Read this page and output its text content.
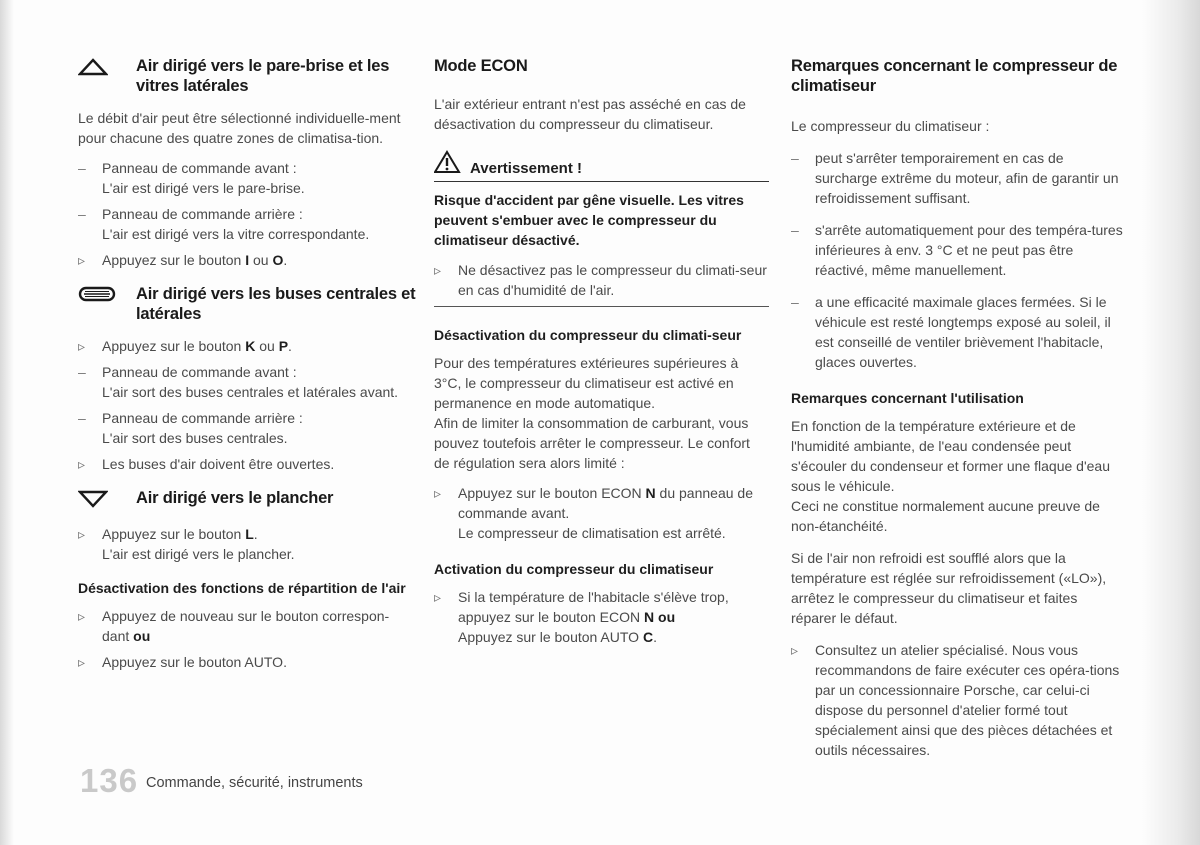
Air dirigé vers le pare-brise et les vitres latérales

Le débit d'air peut être sélectionné individuelle-ment pour chacune des quatre zones de climatisa-tion.

–	Panneau de commande avant :
L'air est dirigé vers le pare-brise.
–	Panneau de commande arrière :
L'air est dirigé vers la vitre correspondante.
▹	Appuyez sur le bouton I ou O.
Air dirigé vers les buses centrales et latérales
▹	Appuyez sur le bouton K ou P.
–	Panneau de commande avant :
L'air sort des buses centrales et latérales avant.
–	Panneau de commande arrière :
L'air sort des buses centrales.
▹	Les buses d'air doivent être ouvertes.
Air dirigé vers le plancher
▹	Appuyez sur le bouton L.
L'air est dirigé vers le plancher.
Désactivation des fonctions de répartition de l'air
▹	Appuyez de nouveau sur le bouton correspon-dant ou
▹	Appuyez sur le bouton AUTO.
Mode ECON

L'air extérieur entrant n'est pas asséché en cas de désactivation du compresseur du climatiseur.

Avertissement !
Risque d'accident par gêne visuelle. Les vitres peuvent s'embuer avec le compresseur du climatiseur désactivé.
▹	Ne désactivez pas le compresseur du climati-seur en cas d'humidité de l'air.
Désactivation du compresseur du climati-seur

Pour des températures extérieures supérieures à 3°C, le compresseur du climatiseur est activé en permanence en mode automatique.

Afin de limiter la consommation de carburant, vous pouvez toutefois arrêter le compresseur. Le confort de régulation sera alors limité :

▹	Appuyez sur le bouton ECON N du panneau de commande avant.
Le compresseur de climatisation est arrêté.
Activation du compresseur du climatiseur
▹	Si la température de l'habitacle s'élève trop, appuyez sur le bouton ECON N ou
Appuyez sur le bouton AUTO C.
Remarques concernant le compresseur de climatiseur

Le compresseur du climatiseur :

–	peut s'arrêter temporairement en cas de surcharge extrême du moteur, afin de garantir un refroidissement suffisant.
–	s'arrête automatiquement pour des tempéra-tures inférieures à env. 3 °C et ne peut pas être réactivé, même manuellement.
–	a une efficacité maximale glaces fermées. Si le véhicule est resté longtemps exposé au soleil, il est conseillé de ventiler brièvement l'habitacle, glaces ouvertes.
Remarques concernant l'utilisation

En fonction de la température extérieure et de l'humidité ambiante, de l'eau condensée peut s'écouler du condenseur et former une flaque d'eau sous le véhicule.

Ceci ne constitue normalement aucune preuve de non-étanchéité.

Si de l'air non refroidi est soufflé alors que la température est réglée sur refroidissement («LO»), arrêtez le compresseur du climatiseur et faites réparer le défaut.

▹	Consultez un atelier spécialisé. Nous vous recommandons de faire exécuter ces opéra-tions par un concessionnaire Porsche, car celui-ci dispose du personnel d'atelier formé tout spécialement ainsi que des pièces détachées et outils nécessaires.
136 Commande, sécurité, instruments
